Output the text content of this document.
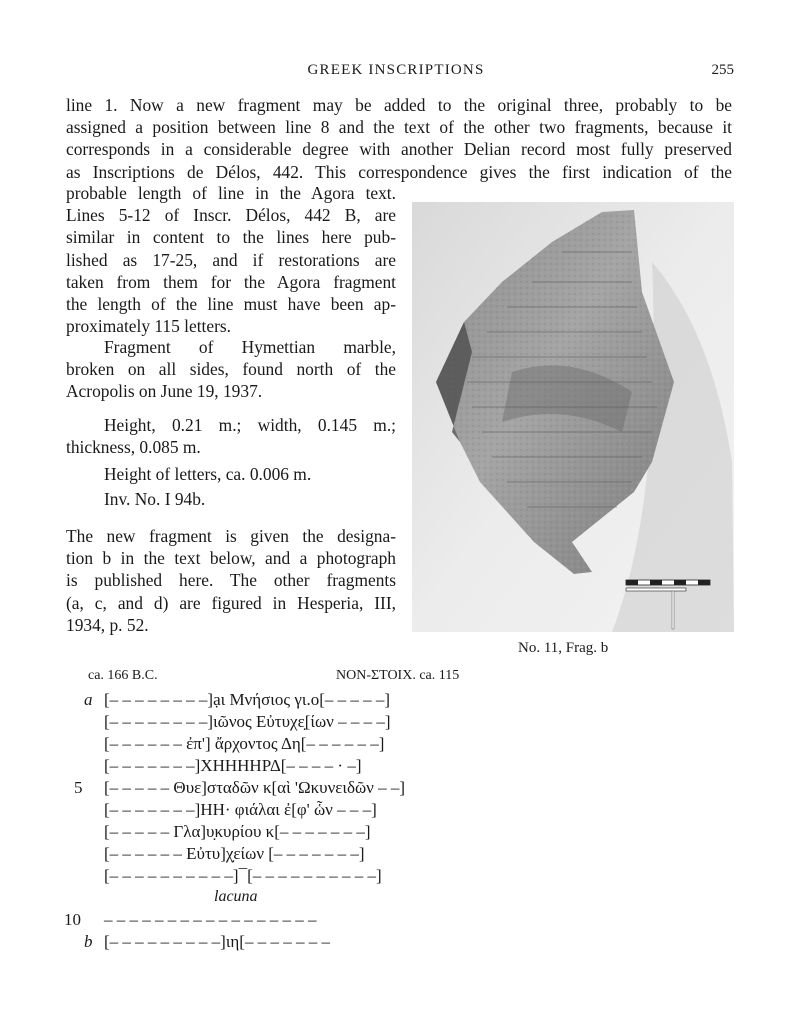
GREEK INSCRIPTIONS	255
line 1. Now a new fragment may be added to the original three, probably to be
assigned a position between line 8 and the text of the other two fragments, because it
corresponds in a considerable degree with another Delian record most fully preserved
as Inscriptions de Délos, 442. This correspondence gives the first indication of the
probable length of line in the Agora text.
Lines 5-12 of Inscr. Délos, 442 B, are
similar in content to the lines here pub-
lished as 17-25, and if restorations are
taken from them for the Agora fragment
the length of the line must have been ap-
proximately 115 letters.
Fragment of Hymettian marble,
broken on all sides, found north of the
Acropolis on June 19, 1937.
Height, 0.21 m.; width, 0.145 m.;
thickness, 0.085 m.
Height of letters, ca. 0.006 m.
Inv. No. I 94b.
The new fragment is given the designa-
tion b in the text below, and a photograph
is published here. The other fragments
(a, c, and d) are figured in Hesperia, III,
1934, p. 52.
No. 11, Frag. b
ca. 166 B.C.	NON-ΣTOIX. ca. 115
a [– – – – – – – –]ạι Μνήσιος γι.ο[– – – – –]
[– – – – – – – –]ιῶνος Εὐτυχε̣[ίων – – – –]
[– – – – – – ἐπ'] ἄρχοντος Δη[– – – – – –]
[– – – – – – –]ΧΗΗΗΗΡΔ[– – – – · –]
5 [– – – – – Θυε]σταδῶν κ[αὶ 'Ωκυνειδῶν – –]
[– – – – – – –]ΗΗ· φιάλαι ἐ[φ' ὧν – – –]
[– – – – – Γλα]υ̣κυρίου κ[– – – – – – –]
[– – – – – – Εὐτυ]χ̣είων [– – – – – – –]
[– – – – – – – – – –]¯[– – – – – – – – – –]
lacuna
10 – – – – – – – – – – – – – – – – –
b [– – – – – – – – –]ιη[– – – – – – –
